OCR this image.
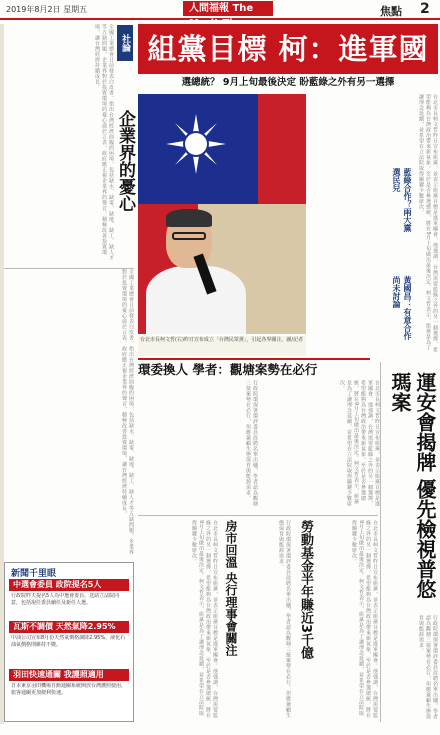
2019年8月2日 星期五	人間福報 The	焦點 2
社論
全國工業總會日前發表白皮書，指出台灣經濟面臨的困境，包括缺水、缺電、缺地、缺工、缺人才等五缺問題，企業界對於投資環境的憂心溢於言表。政府應正視企業界的聲音，積極改善投資環境，讓台灣經濟持續成長。
企業界的憂心
全國工業總會日前發表白皮書，指出台灣經濟面臨的困境，包括缺水、缺電、缺地、缺工、缺人才等五缺問題，企業界對於投資環境的憂心溢於言表。政府應正視企業界的聲音，積極改善投資環境，讓台灣經濟持續成長。
組黨目標 柯：進軍國
選總統？ 9月上旬最後決定 盼藍綠之外有另一選擇
台北市長柯文哲(右)昨日宣布成立「台灣民眾黨」，引起各界關注。圖/記者	台北市長柯文哲昨日宣布組黨，並表示組黨目標是進軍國會。他強調，台灣需要藍綠之外的另一個選擇，希望能夠為台灣政治帶來新氣象，至於是否參選總統，將在9月上旬做出最後決定。柯文哲表示，組黨是為了讓理念延續，並希望在立法院取得關鍵少數席次。
藍綠合作？兩大黨選民兒
黃國昌：有意合作尚未討論
環委換人 學者：觀塘案勢在必行
行政院環保署環評委員改聘名單出爐，學者認為觀塘三接案勢在必行，但應兼顧生態保育與能源需求。	台北市長柯文哲昨日宣布組黨，並表示組黨目標是進軍國會。他強調，台灣需要藍綠之外的另一個選擇，希望能夠為台灣政治帶來新氣象，至於是否參選總統，將在9月上旬做出最後決定。柯文哲表示，組黨是為了讓理念延續，並希望在立法院取得關鍵少數席次。	運安會揭牌 優先檢視普悠瑪案
行政院環保署環評委員改聘名單出爐，學者認為觀塘三接案勢在必行，但應兼顧生態保育與能源需求。
勞動基金半年賺近3千億	台北市長柯文哲昨日宣布組黨，並表示組黨目標是進軍國會。他強調，台灣需要藍綠之外的另一個選擇，希望能夠為台灣政治帶來新氣象，至於是否參選總統，將在9月上旬做出最後決定。柯文哲表示，組黨是為了讓理念延續，並希望在立法院取得關鍵少數席次。
行政院環保署環評委員改聘名單出爐，學者認為觀塘三接案勢在必行，但應兼顧生態保育與能源需求。
房市回溫 央行理事會關注
台北市長柯文哲昨日宣布組黨，並表示組黨目標是進軍國會。他強調，台灣需要藍綠之外的另一個選擇，希望能夠為台灣政治帶來新氣象，至於是否參選總統，將在9月上旬做出最後決定。柯文哲表示，組黨是為了讓理念延續，並希望在立法院取得關鍵少數席次。
新聞千里眼
中選會委員 政院提名5人
行政院昨天提名5人為中選會委員，送請立法院同意，包括現任委員續任及新任人選。
瓦斯不調價 天然氣降2.95%
中油公司宣布8月份天然氣價格調降2.95%，液化石油氣價格則維持不變。
羽田快速通關 我護照適用
日本東京羽田機場自動通關系統開放台灣護照使用，旅客通關更加便利快速。
